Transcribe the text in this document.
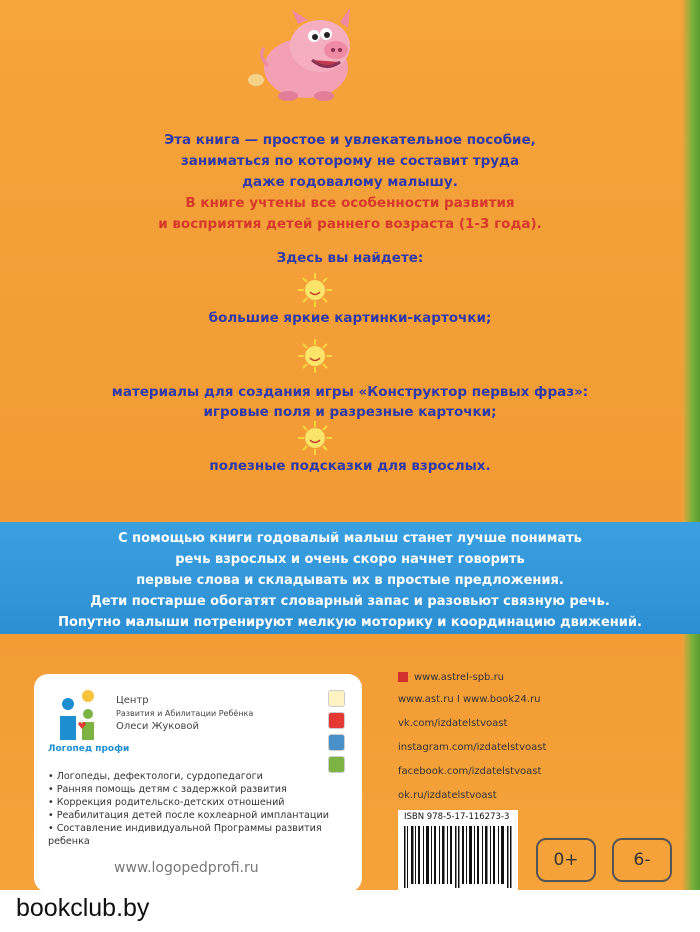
Эта книга — простое и увлекательное пособие,
заниматься по которому не составит труда
даже годовалому малышу.
В книге учтены все особенности развития
и восприятия детей раннего возраста (1-3 года).
Здесь вы найдете:
большие яркие картинки-карточки;
материалы для создания игры «Конструктор первых фраз»:
игровые поля и разрезные карточки;
полезные подсказки для взрослых.
С помощью книги годовалый малыш станет лучше понимать
речь взрослых и очень скоро начнет говорить
первые слова и складывать их в простые предложения.
Дети постарше обогатят словарный запас и разовьют связную речь.
Попутно малыши потренируют мелкую моторику и координацию движений.
Логопед профи
Центр
Развития и Абилитации Ребёнка
Олеси Жуковой
• Логопеды, дефектологи, сурдопедагоги
• Ранняя помощь детям с задержкой развития
• Коррекция родительско-детских отношений
• Реабилитация детей после кохлеарной имплантации
• Составление индивидуальной Программы развития ребенка
www.logopedprofi.ru
www.astrel-spb.ru
www.ast.ru I www.book24.ru
vk.com/izdatelstvoast
instagram.com/izdatelstvoast
facebook.com/izdatelstvoast
ok.ru/izdatelstvoast
ISBN 978-5-17-116273-3
0+	6-
bookclub.by
